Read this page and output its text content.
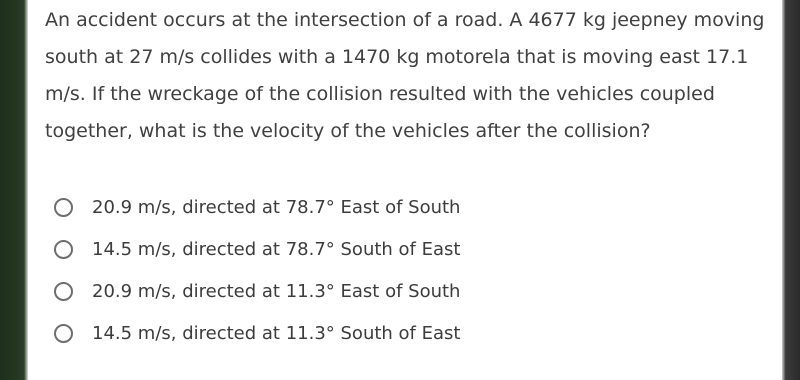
An accident occurs at the intersection of a road. A 4677 kg jeepney moving south at 27 m/s collides with a 1470 kg motorela that is moving east 17.1 m/s. If the wreckage of the collision resulted with the vehicles coupled together, what is the velocity of the vehicles after the collision?

20.9 m/s, directed at 78.7° East of South
14.5 m/s, directed at 78.7° South of East
20.9 m/s, directed at 11.3° East of South
14.5 m/s, directed at 11.3° South of East
